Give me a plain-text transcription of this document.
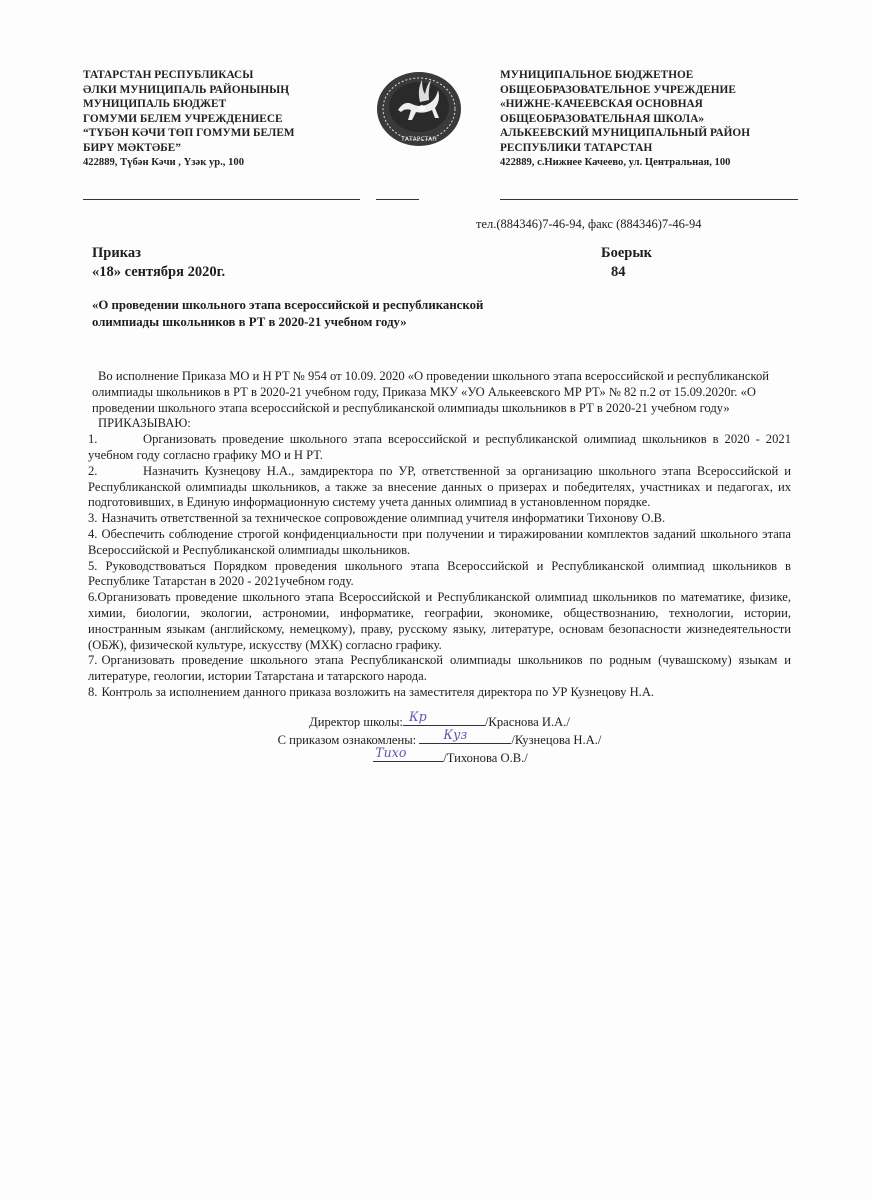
ТАТАРСТАН РЕСПУБЛИКАСЫ
ӘЛКИ МУНИЦИПАЛЬ РАЙОНЫНЫҢ
МУНИЦИПАЛЬ БЮДЖЕТ
ГОМУМИ БЕЛЕМ УЧРЕЖДЕНИЕСЕ
“ТҮБӘН КӘЧИ ТӨП ГОМУМИ БЕЛЕМ
БИРҮ МӘКТӘБЕ”
422889, Түбән Кәчи , Үзәк ур., 100
ТАТАРСТАН
МУНИЦИПАЛЬНОЕ БЮДЖЕТНОЕ
ОБЩЕОБРАЗОВАТЕЛЬНОЕ УЧРЕЖДЕНИЕ
«НИЖНЕ-КАЧЕЕВСКАЯ ОСНОВНАЯ
ОБЩЕОБРАЗОВАТЕЛЬНАЯ ШКОЛА»
АЛЬКЕЕВСКИЙ МУНИЦИПАЛЬНЫЙ РАЙОН
РЕСПУБЛИКИ ТАТАРСТАН
422889, с.Нижнее Качеево, ул. Центральная, 100
тел.(884346)7-46-94, факс (884346)7-46-94
Приказ
«18» сентября 2020г.
Боерык
84
«О проведении школьного этапа всероссийской и республиканской
олимпиады школьников в РТ в 2020-21 учебном году»

Во исполнение Приказа МО и Н РТ № 954 от 10.09. 2020 «О проведении школьного этапа всероссийской и республиканской олимпиады школьников в РТ в 2020-21 учебном году, Приказа МКУ «УО Алькеевского МР РТ» № 82 п.2 от 15.09.2020г. «О проведении школьного этапа всероссийской и республиканской олимпиады школьников в РТ в 2020-21 учебном году»

ПРИКАЗЫВАЮ:

1.	Организовать проведение школьного этапа всероссийской и республиканской олимпиад школьников в 2020 - 2021 учебном году согласно графику МО и Н РТ.

2.	Назначить Кузнецову Н.А., замдиректора по УР, ответственной за организацию школьного этапа Всероссийской и Республиканской олимпиады школьников, а также за внесение данных о призерах и победителях, участниках и педагогах, их подготовивших, в Единую информационную систему учета данных олимпиад в установленном порядке.

3. Назначить ответственной за техническое сопровождение олимпиад учителя информатики Тихонову О.В.

4. Обеспечить соблюдение строгой конфиденциальности при получении и тиражировании комплектов заданий школьного этапа Всероссийской и Республиканской олимпиады школьников.

5. Руководствоваться Порядком проведения школьного этапа Всероссийской и Республиканской олимпиад школьников в Республике Татарстан в 2020 - 2021учебном году.

6.Организовать проведение школьного этапа Всероссийской и Республиканской олимпиад школьников по математике, физике, химии, биологии, экологии, астрономии, информатике, географии, экономике, обществознанию, технологии, истории, иностранным языкам (английскому, немецкому), праву, русскому языку, литературе, основам безопасности жизнедеятельности (ОБЖ), физической культуре, искусству (МХК) согласно графику.

7. Организовать проведение школьного этапа Республиканской олимпиады школьников по родным (чувашскому) языкам и литературе, геологии, истории Татарстана и татарского народа.

8. Контроль за исполнением данного приказа возложить на заместителя директора по УР Кузнецову Н.А.

Директор школы: Кр	/Краснова И.А./
С приказом ознакомлены: Куз	/Кузнецова Н.А./
Тихо	/Тихонова О.В./
